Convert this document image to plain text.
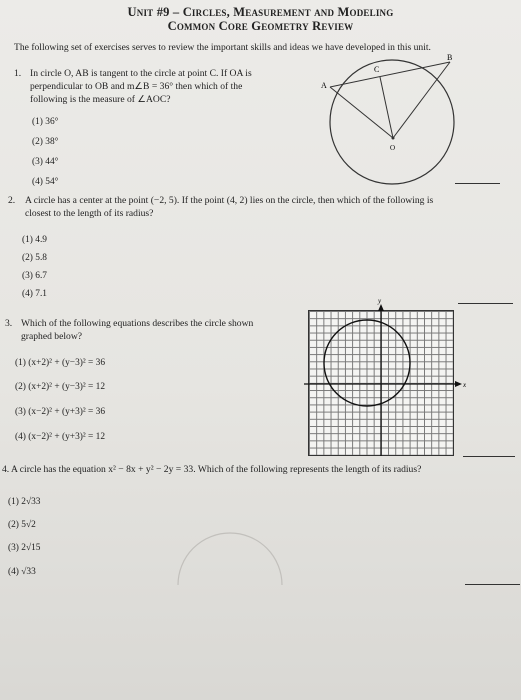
Unit #9 – Circles, Measurement and Modeling
Common Core Geometry Review
The following set of exercises serves to review the important skills and ideas we have developed in this unit.
1. In circle O, AB is tangent to the circle at point C. If OA is
perpendicular to OB and m∠B = 36° then which of the
following is the measure of ∠AOC?
(1) 36°
(2) 38°
(3) 44°
(4) 54°
A
B
C
O
2. A circle has a center at the point (−2, 5). If the point (4, 2) lies on the circle, then which of the following is
closest to the length of its radius?
(1) 4.9
(2) 5.8
(3) 6.7
(4) 7.1
3. Which of the following equations describes the circle shown
graphed below?
(1) (x+2)² + (y−3)² = 36
(2) (x+2)² + (y−3)² = 12
(3) (x−2)² + (y+3)² = 36
(4) (x−2)² + (y+3)² = 12
y
x
4. A circle has the equation x² − 8x + y² − 2y = 33. Which of the following represents the length of its radius?
(1) 2√33
(2) 5√2
(3) 2√15
(4) √33
